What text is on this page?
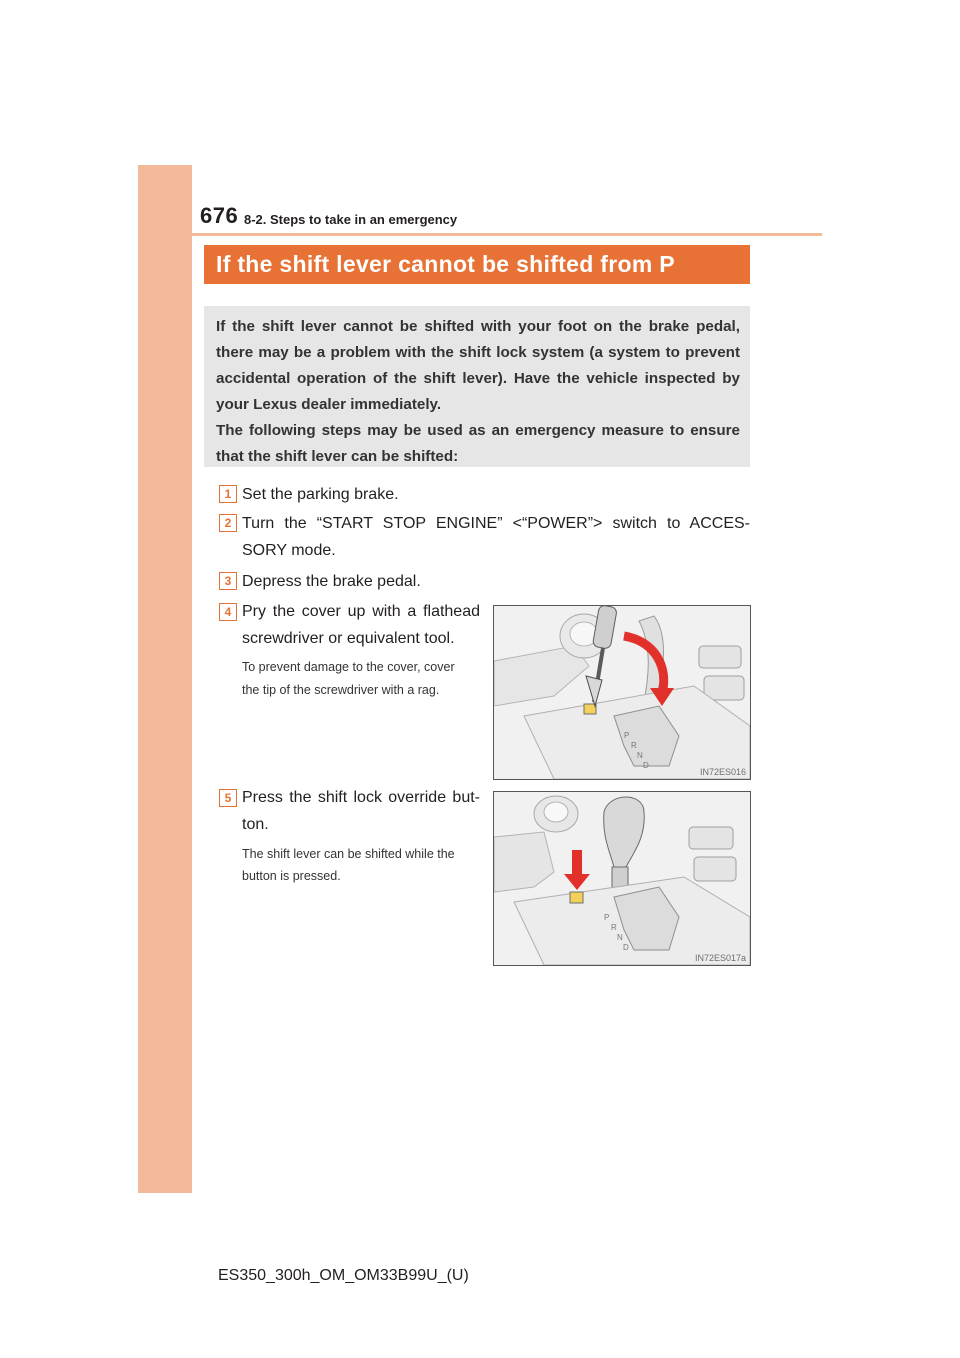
676 8-2. Steps to take in an emergency
If the shift lever cannot be shifted from P

If the shift lever cannot be shifted with your foot on the brake pedal, there may be a problem with the shift lock system (a system to prevent accidental operation of the shift lever). Have the vehicle inspected by your Lexus dealer immediately.

The following steps may be used as an emergency measure to ensure that the shift lever can be shifted:

1 Set the parking brake.
2 Turn the “START STOP ENGINE” <“POWER”> switch to ACCES-
SORY mode.
3 Depress the brake pedal.
4 Pry the cover up with a flathead
screwdriver or equivalent tool.
To prevent damage to the cover, cover
the tip of the screwdriver with a rag.
P
R
N
D
IN72ES016
5 Press the shift lock override but-
ton.
The shift lever can be shifted while the
button is pressed.
P
R
N
D
IN72ES017a
ES350_300h_OM_OM33B99U_(U)
